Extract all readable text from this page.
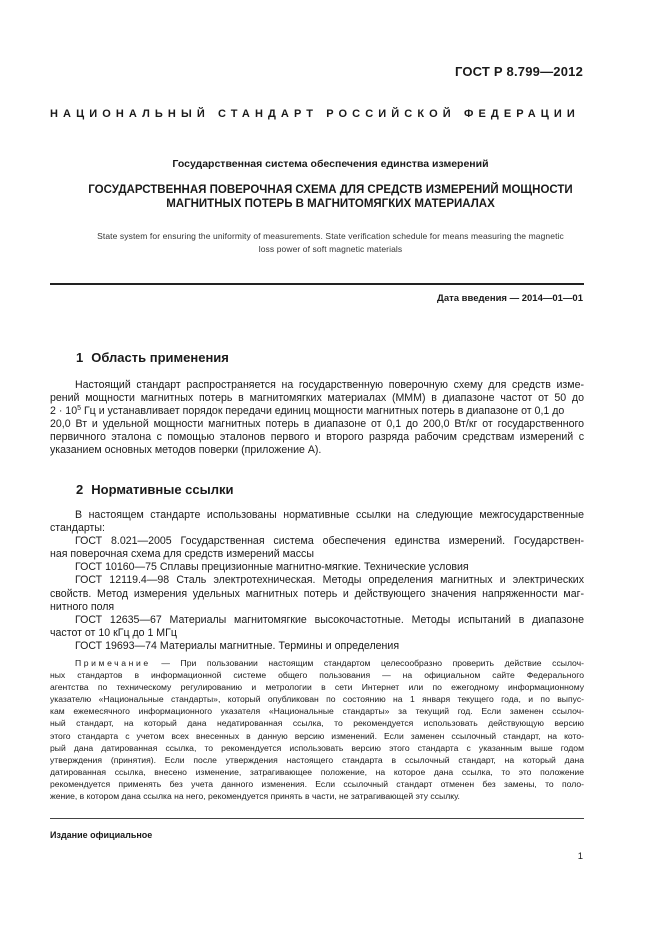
ГОСТ Р 8.799—2012
НАЦИОНАЛЬНЫЙ СТАНДАРТ РОССИЙСКОЙ ФЕДЕРАЦИИ
Государственная система обеспечения единства измерений
ГОСУДАРСТВЕННАЯ ПОВЕРОЧНАЯ СХЕМА ДЛЯ СРЕДСТВ ИЗМЕРЕНИЙ МОЩНОСТИ
МАГНИТНЫХ ПОТЕРЬ В МАГНИТОМЯГКИХ МАТЕРИАЛАХ
State system for ensuring the uniformity of measurements. State verification schedule for means measuring the magnetic
loss power of soft magnetic materials
Дата введения — 2014—01—01
1 Область применения
Настоящий стандарт распространяется на государственную поверочную схему для средств изме-
рений мощности магнитных потерь в магнитомягких материалах (МММ) в диапазоне частот от 50 до
$2 \cdot 10^5$ Гц и устанавливает порядок передачи единиц мощности магнитных потерь в диапазоне от 0,1 до
20,0 Вт и удельной мощности магнитных потерь в диапазоне от 0,1 до 200,0 Вт/кг от государственного
первичного эталона с помощью эталонов первого и второго разряда рабочим средствам измерений с
указанием основных методов поверки (приложение А).
2 Нормативные ссылки
В настоящем стандарте использованы нормативные ссылки на следующие межгосударственные
стандарты:
ГОСТ 8.021—2005 Государственная система обеспечения единства измерений. Государствен-
ная поверочная схема для средств измерений массы
ГОСТ 10160—75 Сплавы прецизионные магнитно-мягкие. Технические условия
ГОСТ 12119.4—98 Сталь электротехническая. Методы определения магнитных и электрических
свойств. Метод измерения удельных магнитных потерь и действующего значения напряженности маг-
нитного поля
ГОСТ 12635—67 Материалы магнитомягкие высокочастотные. Методы испытаний в диапазоне
частот от 10 кГц до 1 МГц
ГОСТ 19693—74 Материалы магнитные. Термины и определения
Примечание — При пользовании настоящим стандартом целесообразно проверить действие ссылоч-
ных стандартов в информационной системе общего пользования — на официальном сайте Федерального
агентства по техническому регулированию и метрологии в сети Интернет или по ежегодному информационному
указателю «Национальные стандарты», который опубликован по состоянию на 1 января текущего года, и по выпус-
кам ежемесячного информационного указателя «Национальные стандарты» за текущий год. Если заменен ссылоч-
ный стандарт, на который дана недатированная ссылка, то рекомендуется использовать действующую версию
этого стандарта с учетом всех внесенных в данную версию изменений. Если заменен ссылочный стандарт, на кото-
рый дана датированная ссылка, то рекомендуется использовать версию этого стандарта с указанным выше годом
утверждения (принятия). Если после утверждения настоящего стандарта в ссылочный стандарт, на который дана
датированная ссылка, внесено изменение, затрагивающее положение, на которое дана ссылка, то это положение
рекомендуется применять без учета данного изменения. Если ссылочный стандарт отменен без замены, то поло-
жение, в котором дана ссылка на него, рекомендуется принять в части, не затрагивающей эту ссылку.
Издание официальное
1
